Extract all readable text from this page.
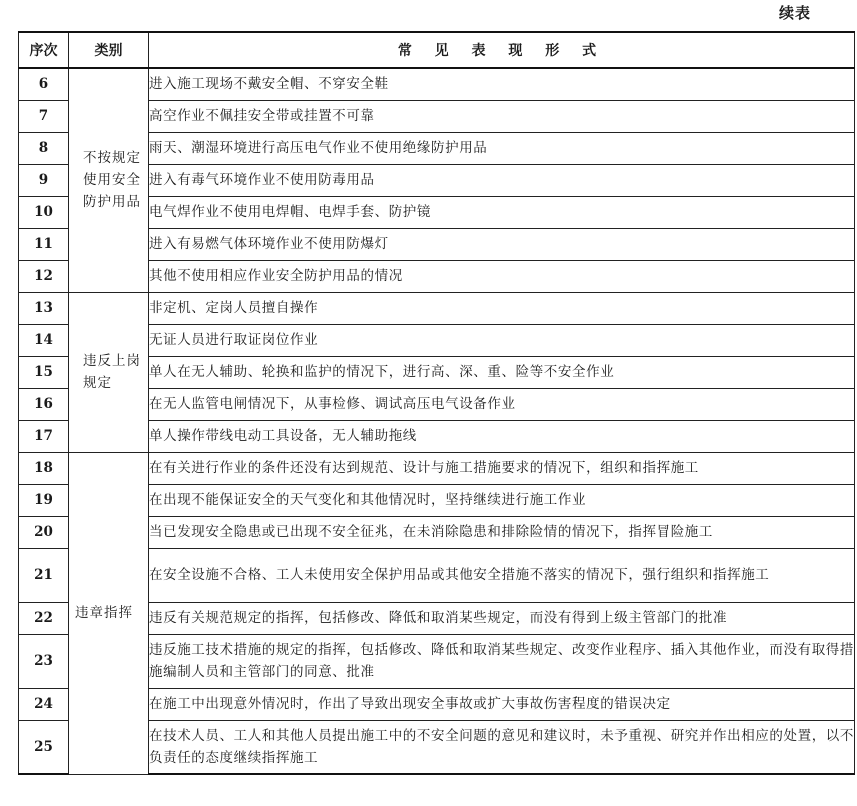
续表
序次	类别	常 见 表 现 形 式
6	不按规定使用安全防护用品	进入施工现场不戴安全帽、不穿安全鞋
7		高空作业不佩挂安全带或挂置不可靠
8		雨天、潮湿环境进行高压电气作业不使用绝缘防护用品
9		进入有毒气环境作业不使用防毒用品
10		电气焊作业不使用电焊帽、电焊手套、防护镜
11		进入有易燃气体环境作业不使用防爆灯
12		其他不使用相应作业安全防护用品的情况
13	违反上岗规定	非定机、定岗人员擅自操作
14		无证人员进行取证岗位作业
15		单人在无人辅助、轮换和监护的情况下，进行高、深、重、险等不安全作业
16		在无人监管电闸情况下，从事检修、调试高压电气设备作业
17		单人操作带线电动工具设备，无人辅助拖线
18	违章指挥	在有关进行作业的条件还没有达到规范、设计与施工措施要求的情况下，组织和指挥施工
19		在出现不能保证安全的天气变化和其他情况时，坚持继续进行施工作业
20		当已发现安全隐患或已出现不安全征兆，在未消除隐患和排除险情的情况下，指挥冒险施工
21		在安全设施不合格、工人未使用安全保护用品或其他安全措施不落实的情况下，强行组织和指挥施工
22		违反有关规范规定的指挥，包括修改、降低和取消某些规定，而没有得到上级主管部门的批准
23		违反施工技术措施的规定的指挥，包括修改、降低和取消某些规定、改变作业程序、插入其他作业，而没有取得措施编制人员和主管部门的同意、批准
24		在施工中出现意外情况时，作出了导致出现安全事故或扩大事故伤害程度的错误决定
25		在技术人员、工人和其他人员提出施工中的不安全问题的意见和建议时，未予重视、研究并作出相应的处置，以不负责任的态度继续指挥施工
